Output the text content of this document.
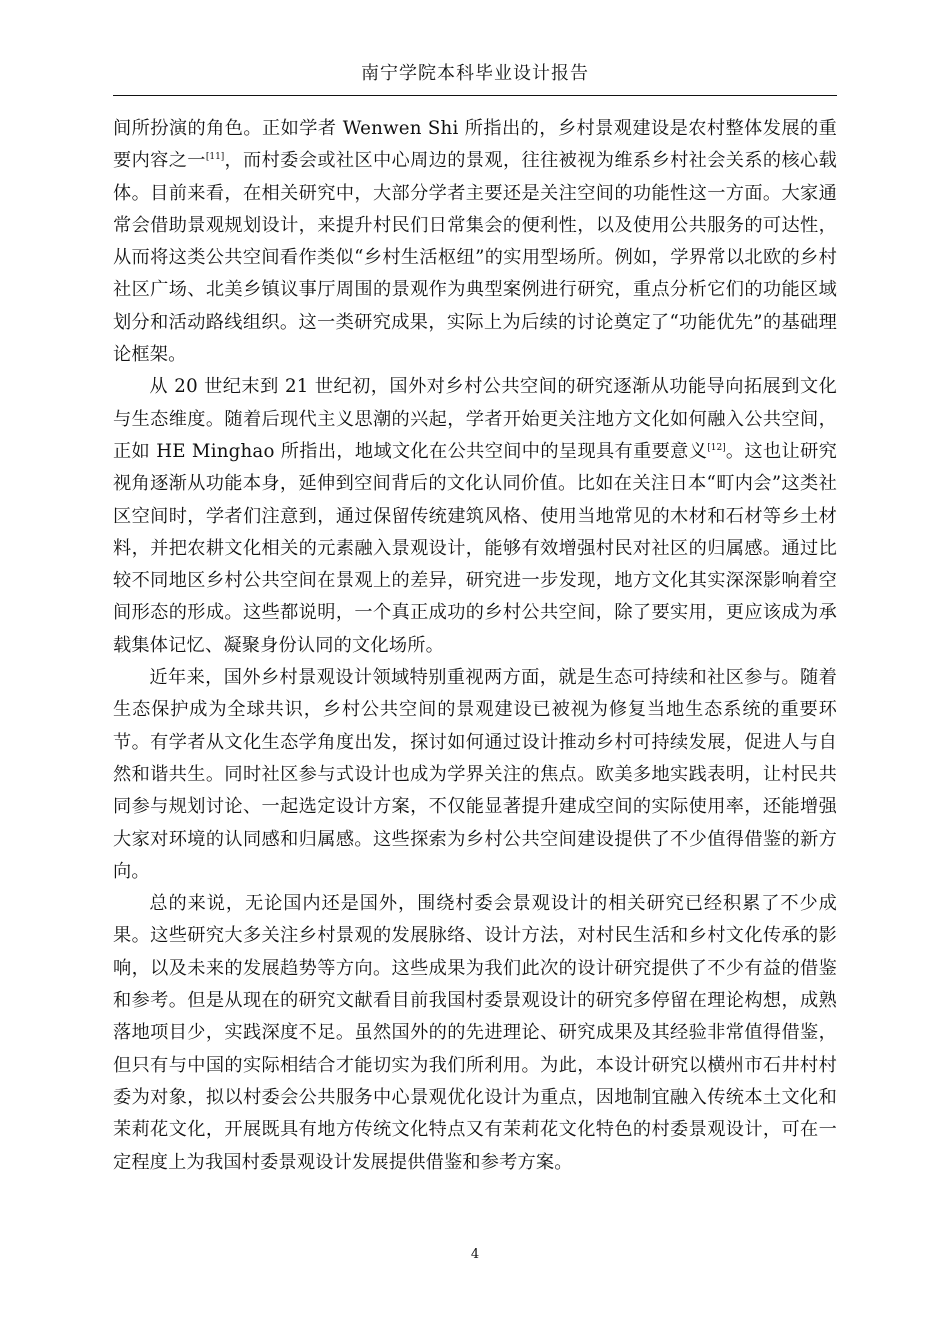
南宁学院本科毕业设计报告

间所扮演的角色。正如学者 Wenwen Shi 所指出的，乡村景观建设是农村整体发展的重要内容之一[11]，而村委会或社区中心周边的景观，往往被视为维系乡村社会关系的核心载体。目前来看，在相关研究中，大部分学者主要还是关注空间的功能性这一方面。大家通常会借助景观规划设计，来提升村民们日常集会的便利性，以及使用公共服务的可达性，从而将这类公共空间看作类似“乡村生活枢纽”的实用型场所。例如，学界常以北欧的乡村社区广场、北美乡镇议事厅周围的景观作为典型案例进行研究，重点分析它们的功能区域划分和活动路线组织。这一类研究成果，实际上为后续的讨论奠定了“功能优先”的基础理论框架。

从 20 世纪末到 21 世纪初，国外对乡村公共空间的研究逐渐从功能导向拓展到文化与生态维度。随着后现代主义思潮的兴起，学者开始更关注地方文化如何融入公共空间，正如 HE Minghao 所指出，地域文化在公共空间中的呈现具有重要意义[12]。这也让研究视角逐渐从功能本身，延伸到空间背后的文化认同价值。比如在关注日本“町内会”这类社区空间时，学者们注意到，通过保留传统建筑风格、使用当地常见的木材和石材等乡土材料，并把农耕文化相关的元素融入景观设计，能够有效增强村民对社区的归属感。通过比较不同地区乡村公共空间在景观上的差异，研究进一步发现，地方文化其实深深影响着空间形态的形成。这些都说明，一个真正成功的乡村公共空间，除了要实用，更应该成为承载集体记忆、凝聚身份认同的文化场所。

近年来，国外乡村景观设计领域特别重视两方面，就是生态可持续和社区参与。随着生态保护成为全球共识，乡村公共空间的景观建设已被视为修复当地生态系统的重要环节。有学者从文化生态学角度出发，探讨如何通过设计推动乡村可持续发展，促进人与自然和谐共生。同时社区参与式设计也成为学界关注的焦点。欧美多地实践表明，让村民共同参与规划讨论、一起选定设计方案，不仅能显著提升建成空间的实际使用率，还能增强大家对环境的认同感和归属感。这些探索为乡村公共空间建设提供了不少值得借鉴的新方向。

总的来说，无论国内还是国外，围绕村委会景观设计的相关研究已经积累了不少成果。这些研究大多关注乡村景观的发展脉络、设计方法，对村民生活和乡村文化传承的影响，以及未来的发展趋势等方向。这些成果为我们此次的设计研究提供了不少有益的借鉴和参考。但是从现在的研究文献看目前我国村委景观设计的研究多停留在理论构想，成熟落地项目少，实践深度不足。虽然国外的的先进理论、研究成果及其经验非常值得借鉴，但只有与中国的实际相结合才能切实为我们所利用。为此，本设计研究以横州市石井村村委为对象，拟以村委会公共服务中心景观优化设计为重点，因地制宜融入传统本土文化和茉莉花文化，开展既具有地方传统文化特点又有茉莉花文化特色的村委景观设计，可在一定程度上为我国村委景观设计发展提供借鉴和参考方案。

4
